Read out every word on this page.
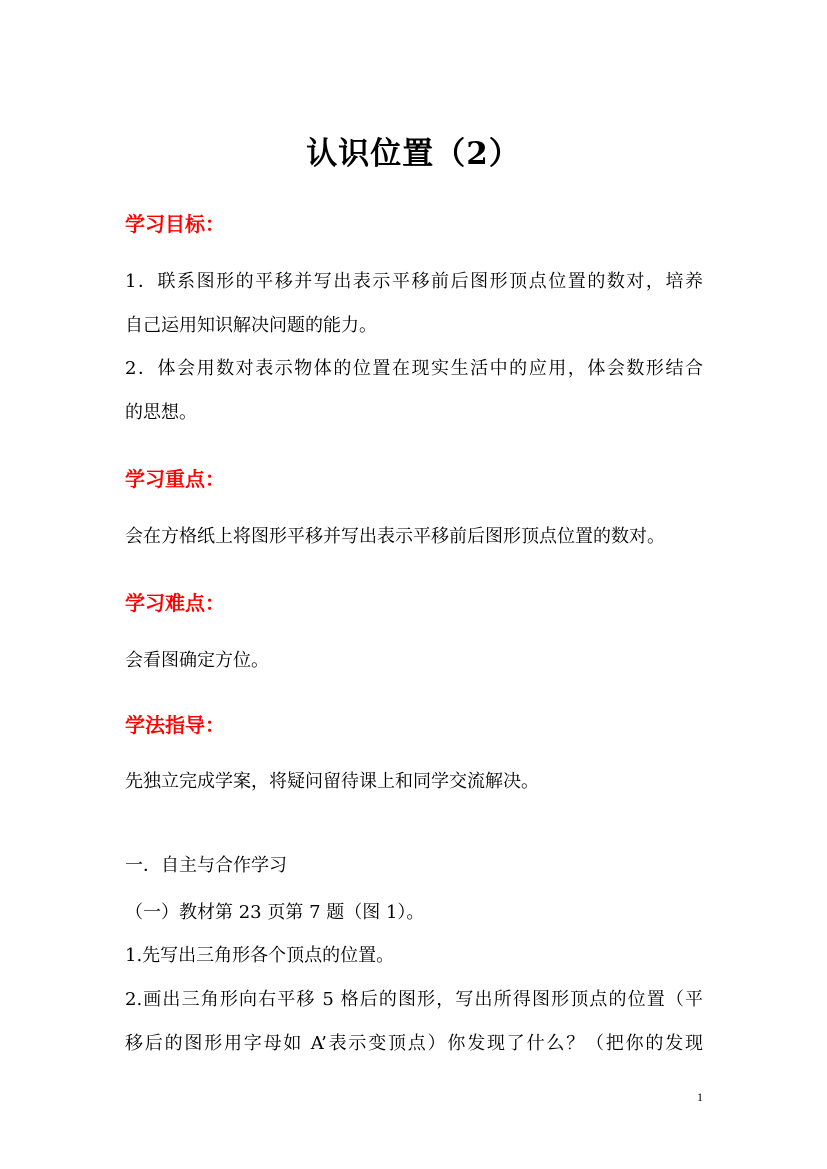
认识位置（2）
学习目标：
1．联系图形的平移并写出表示平移前后图形顶点位置的数对，培养
自己运用知识解决问题的能力。
2．体会用数对表示物体的位置在现实生活中的应用，体会数形结合
的思想。
学习重点：
会在方格纸上将图形平移并写出表示平移前后图形顶点位置的数对。
学习难点：
会看图确定方位。
学法指导：
先独立完成学案，将疑问留待课上和同学交流解决。
一．自主与合作学习
（一）教材第 23 页第 7 题（图 1）。
1.先写出三角形各个顶点的位置。
2.画出三角形向右平移 5 格后的图形，写出所得图形顶点的位置（平
移后的图形用字母如 A’表示变顶点）你发现了什么？（把你的发现
1
